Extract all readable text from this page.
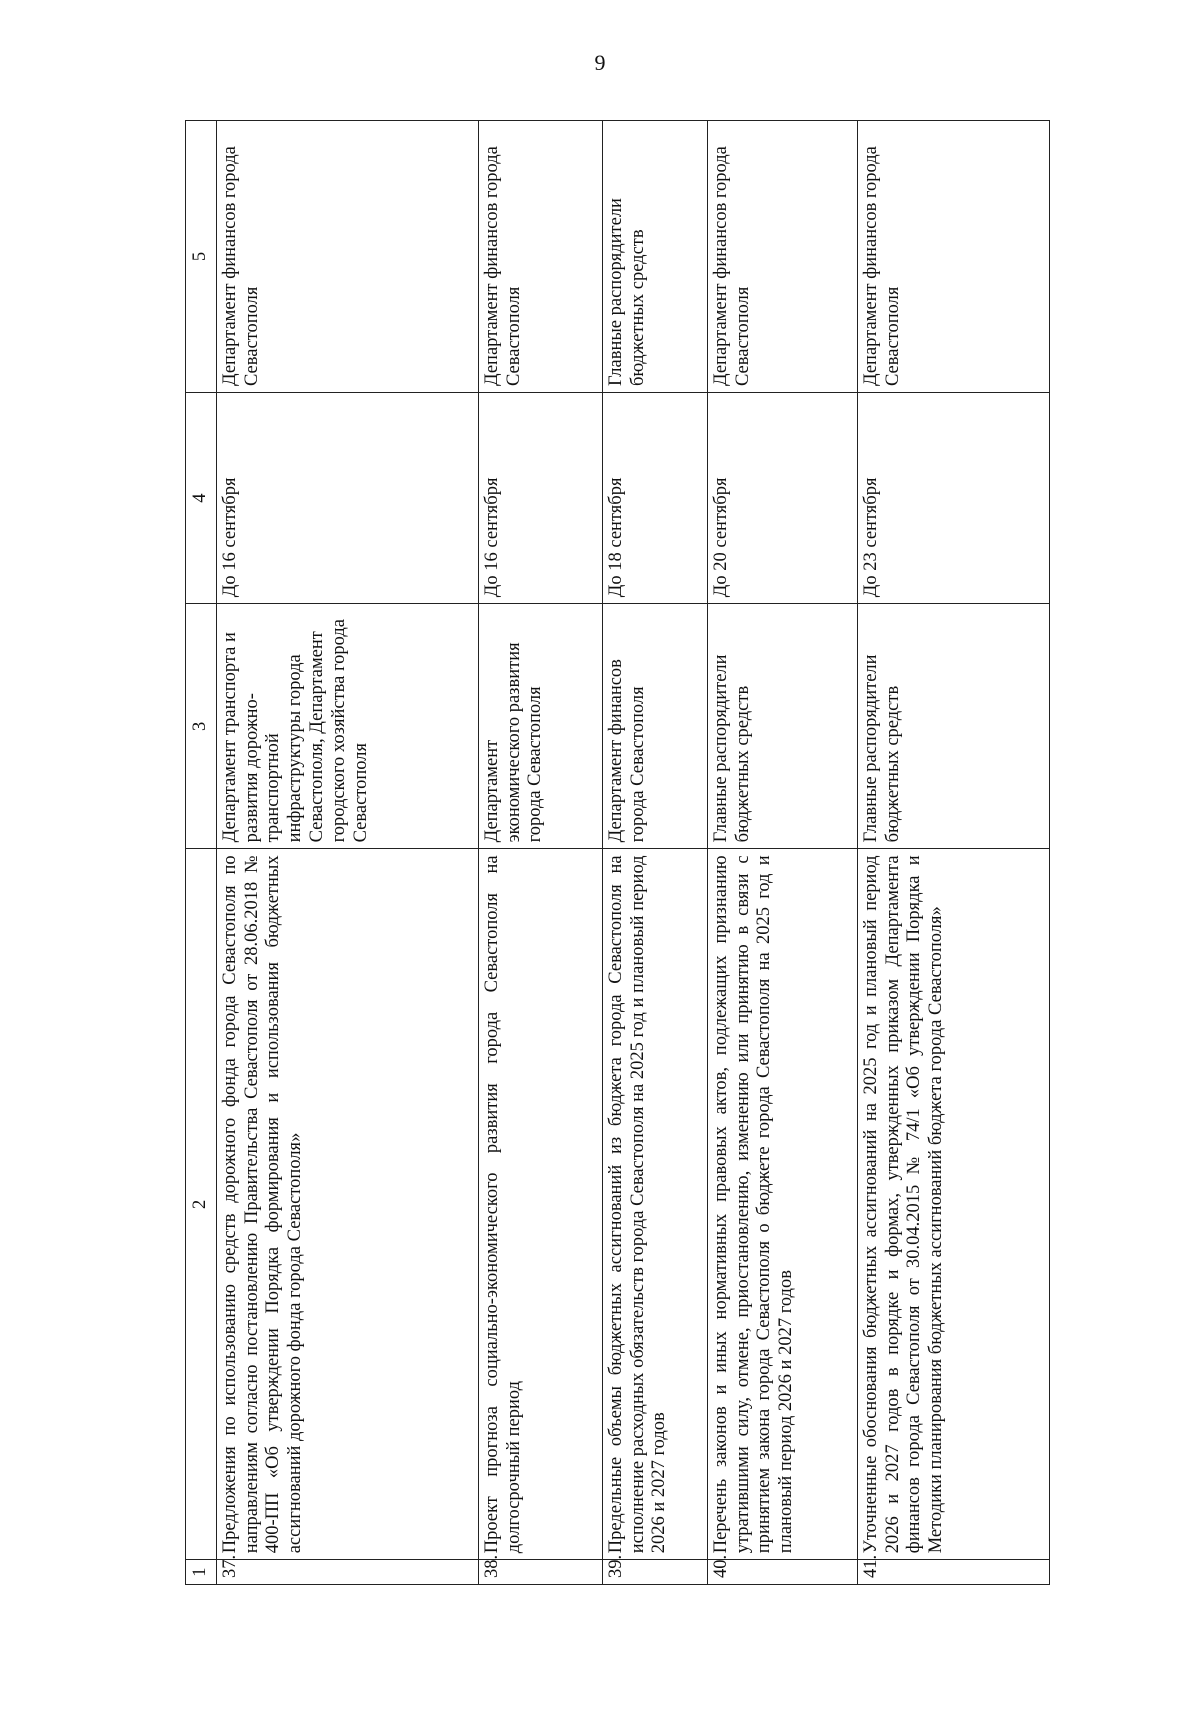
9
1	2	3	4	5
37.	Предложения по использованию средств дорожного фонда города Севастополя по направлениям согласно постановлению Правительства Севастополя от 28.06.2018 № 400-ПП «Об утверждении Порядка формирования и использования бюджетных ассигнований дорожного фонда города Севастополя»	Департамент транспорта и развития дорожно-транспортной инфраструктуры города Севастополя, Департамент городского хозяйства города Севастополя	До 16 сентября	Департамент финансов города Севастополя
38.	Проект прогноза социально-экономического развития города Севастополя на долгосрочный период	Департамент экономического развития города Севастополя	До 16 сентября	Департамент финансов города Севастополя
39.	Предельные объемы бюджетных ассигнований из бюджета города Севастополя на исполнение расходных обязательств города Севастополя на 2025 год и плановый период 2026 и 2027 годов	Департамент финансов города Севастополя	До 18 сентября	Главные распорядители бюджетных средств
40.	Перечень законов и иных нормативных правовых актов, подлежащих признанию утратившими силу, отмене, приостановлению, изменению или принятию в связи с принятием закона города Севастополя о бюджете города Севастополя на 2025 год и плановый период 2026 и 2027 годов	Главные распорядители бюджетных средств	До 20 сентября	Департамент финансов города Севастополя
41.	Уточненные обоснования бюджетных ассигнований на 2025 год и плановый период 2026 и 2027 годов в порядке и формах, утвержденных приказом Департамента финансов города Севастополя от 30.04.2015 № 74/1 «Об утверждении Порядка и Методики планирования бюджетных ассигнований бюджета города Севастополя»	Главные распорядители бюджетных средств	До 23 сентября	Департамент финансов города Севастополя
